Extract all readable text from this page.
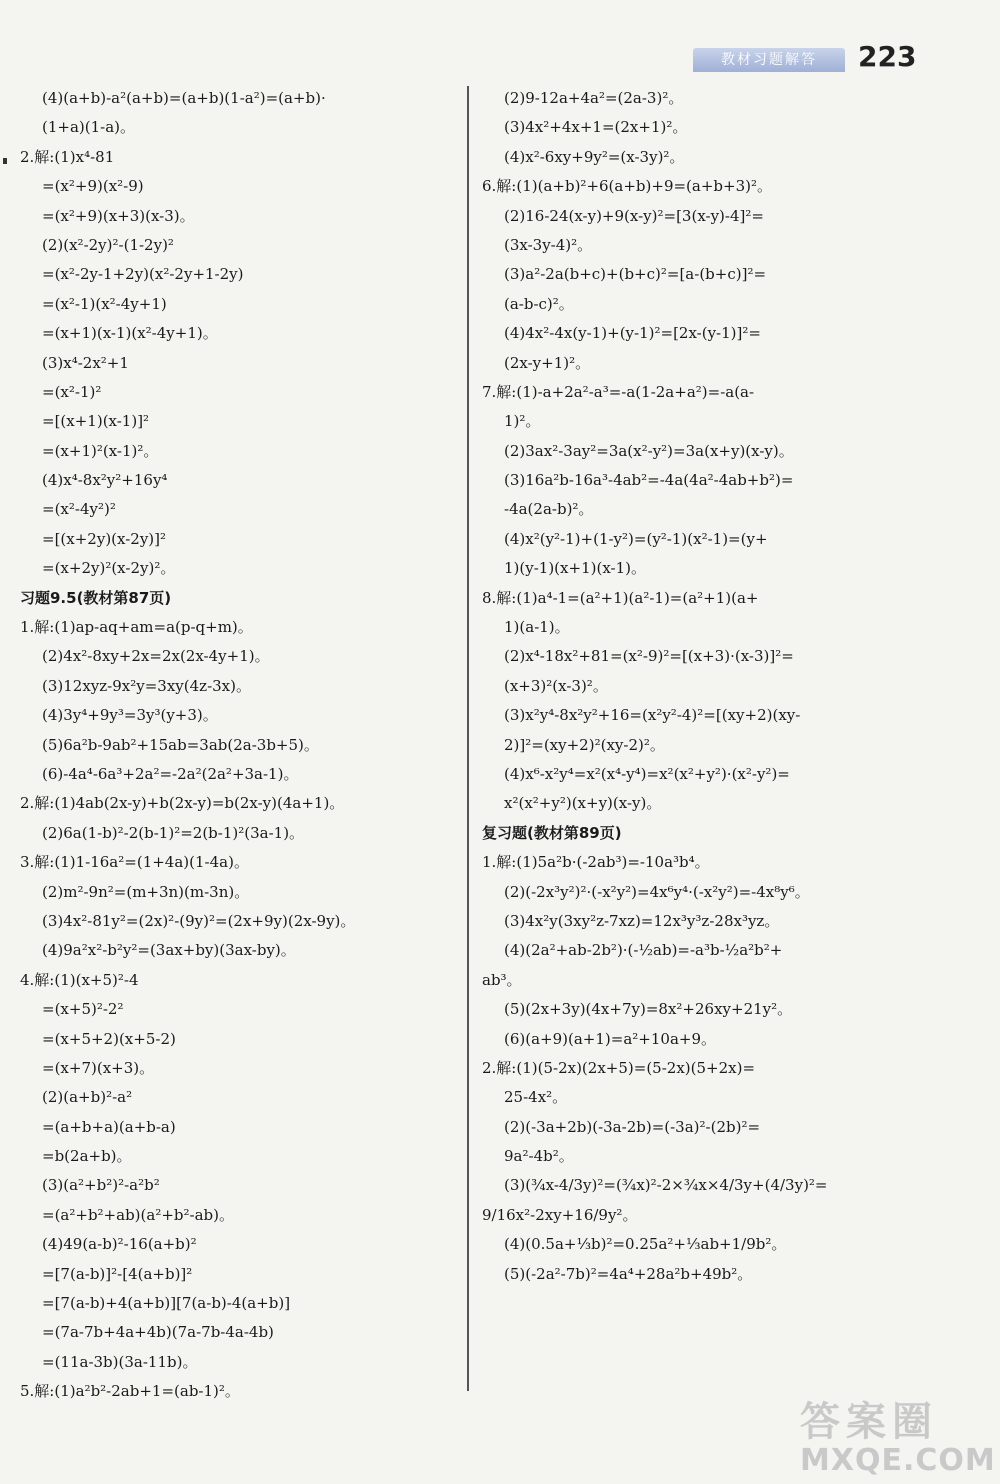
教材习题解答	223
(4)(a+b)-a²(a+b)=(a+b)(1-a²)=(a+b)·
(1+a)(1-a)。
2.解:(1)x⁴-81
=(x²+9)(x²-9)
=(x²+9)(x+3)(x-3)。
(2)(x²-2y)²-(1-2y)²
=(x²-2y-1+2y)(x²-2y+1-2y)
=(x²-1)(x²-4y+1)
=(x+1)(x-1)(x²-4y+1)。
(3)x⁴-2x²+1
=(x²-1)²
=[(x+1)(x-1)]²
=(x+1)²(x-1)²。
(4)x⁴-8x²y²+16y⁴
=(x²-4y²)²
=[(x+2y)(x-2y)]²
=(x+2y)²(x-2y)²。
习题9.5(教材第87页)
1.解:(1)ap-aq+am=a(p-q+m)。
(2)4x²-8xy+2x=2x(2x-4y+1)。
(3)12xyz-9x²y=3xy(4z-3x)。
(4)3y⁴+9y³=3y³(y+3)。
(5)6a²b-9ab²+15ab=3ab(2a-3b+5)。
(6)-4a⁴-6a³+2a²=-2a²(2a²+3a-1)。
2.解:(1)4ab(2x-y)+b(2x-y)=b(2x-y)(4a+1)。
(2)6a(1-b)²-2(b-1)²=2(b-1)²(3a-1)。
3.解:(1)1-16a²=(1+4a)(1-4a)。
(2)m²-9n²=(m+3n)(m-3n)。
(3)4x²-81y²=(2x)²-(9y)²=(2x+9y)(2x-9y)。
(4)9a²x²-b²y²=(3ax+by)(3ax-by)。
4.解:(1)(x+5)²-4
=(x+5)²-2²
=(x+5+2)(x+5-2)
=(x+7)(x+3)。
(2)(a+b)²-a²
=(a+b+a)(a+b-a)
=b(2a+b)。
(3)(a²+b²)²-a²b²
=(a²+b²+ab)(a²+b²-ab)。
(4)49(a-b)²-16(a+b)²
=[7(a-b)]²-[4(a+b)]²
=[7(a-b)+4(a+b)][7(a-b)-4(a+b)]
=(7a-7b+4a+4b)(7a-7b-4a-4b)
=(11a-3b)(3a-11b)。
5.解:(1)a²b²-2ab+1=(ab-1)²。
(2)9-12a+4a²=(2a-3)²。
(3)4x²+4x+1=(2x+1)²。
(4)x²-6xy+9y²=(x-3y)²。
6.解:(1)(a+b)²+6(a+b)+9=(a+b+3)²。
(2)16-24(x-y)+9(x-y)²=[3(x-y)-4]²=
(3x-3y-4)²。
(3)a²-2a(b+c)+(b+c)²=[a-(b+c)]²=
(a-b-c)²。
(4)4x²-4x(y-1)+(y-1)²=[2x-(y-1)]²=
(2x-y+1)²。
7.解:(1)-a+2a²-a³=-a(1-2a+a²)=-a(a-
1)²。
(2)3ax²-3ay²=3a(x²-y²)=3a(x+y)(x-y)。
(3)16a²b-16a³-4ab²=-4a(4a²-4ab+b²)=
-4a(2a-b)²。
(4)x²(y²-1)+(1-y²)=(y²-1)(x²-1)=(y+
1)(y-1)(x+1)(x-1)。
8.解:(1)a⁴-1=(a²+1)(a²-1)=(a²+1)(a+
1)(a-1)。
(2)x⁴-18x²+81=(x²-9)²=[(x+3)·(x-3)]²=
(x+3)²(x-3)²。
(3)x²y⁴-8x²y²+16=(x²y²-4)²=[(xy+2)(xy-
2)]²=(xy+2)²(xy-2)²。
(4)x⁶-x²y⁴=x²(x⁴-y⁴)=x²(x²+y²)·(x²-y²)=
x²(x²+y²)(x+y)(x-y)。
复习题(教材第89页)
1.解:(1)5a²b·(-2ab³)=-10a³b⁴。
(2)(-2x³y²)²·(-x²y²)=4x⁶y⁴·(-x²y²)=-4x⁸y⁶。
(3)4x²y(3xy²z-7xz)=12x³y³z-28x³yz。
(4)(2a²+ab-2b²)·(-½ab)=-a³b-½a²b²+
ab³。
(5)(2x+3y)(4x+7y)=8x²+26xy+21y²。
(6)(a+9)(a+1)=a²+10a+9。
2.解:(1)(5-2x)(2x+5)=(5-2x)(5+2x)=
25-4x²。
(2)(-3a+2b)(-3a-2b)=(-3a)²-(2b)²=
9a²-4b²。
(3)(¾x-4/3y)²=(¾x)²-2×¾x×4/3y+(4/3y)²=
9/16x²-2xy+16/9y²。
(4)(0.5a+⅓b)²=0.25a²+⅓ab+1/9b²。
(5)(-2a²-7b)²=4a⁴+28a²b+49b²。
答案圈
MXQE.COM
